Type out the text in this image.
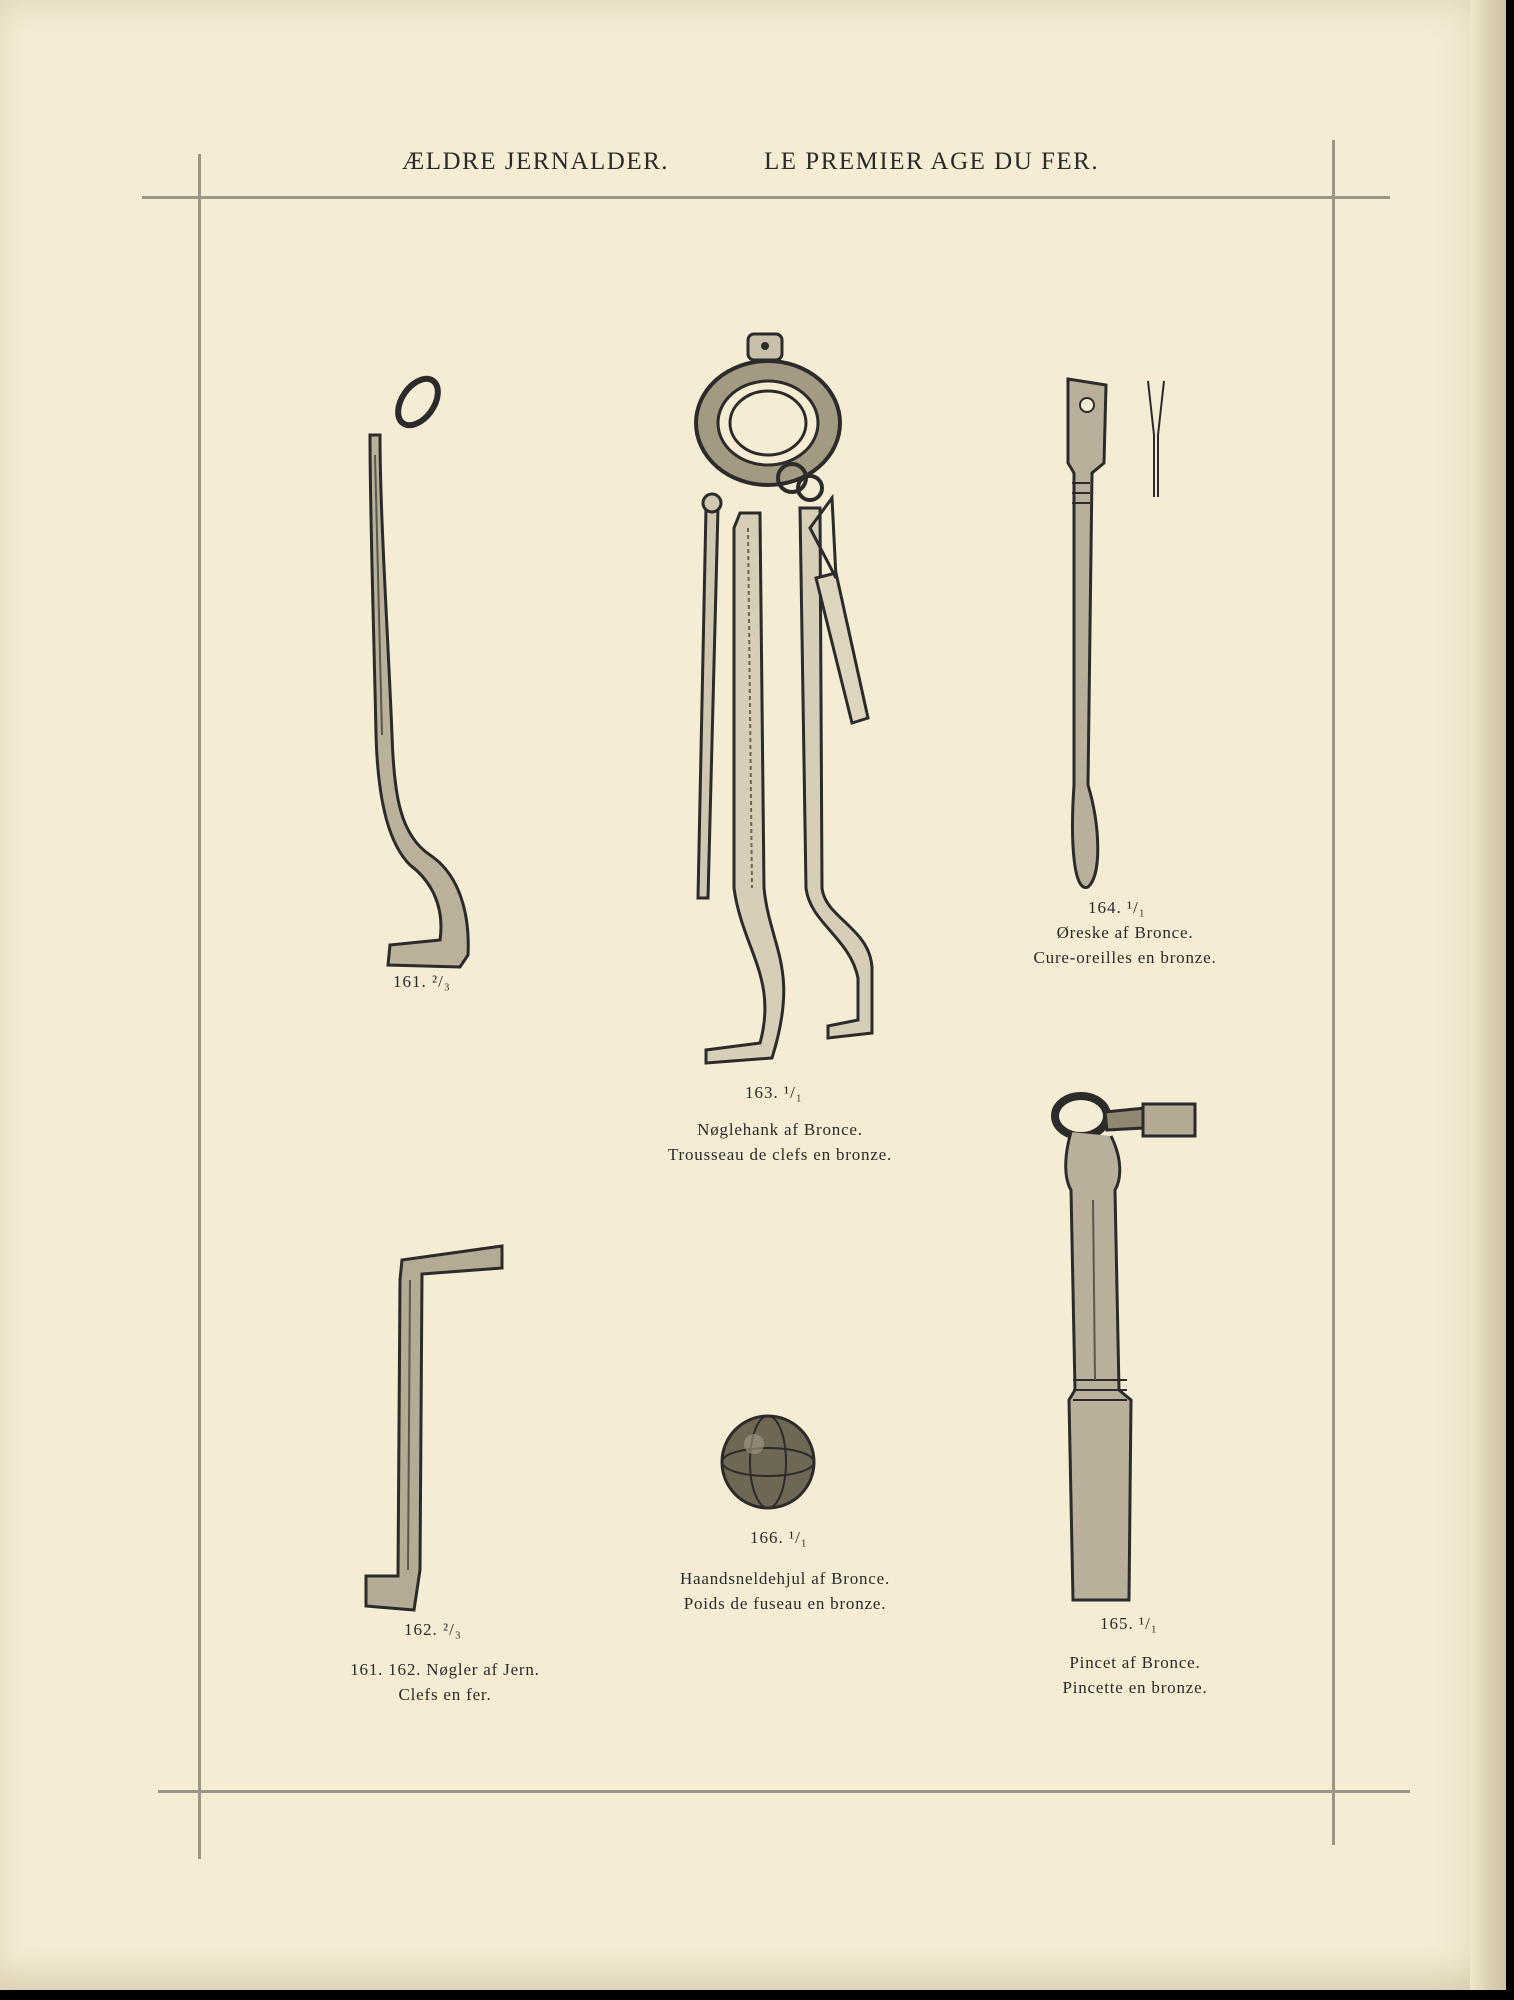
ÆLDRE JERNALDER.	LE PREMIER AGE DU FER.
161. ²/₃
162. ²/₃
161. 162. Nøgler af Jern.
Clefs en fer.
163. ¹/₁
Nøglehank af Bronce.
Trousseau de clefs en bronze.
164. ¹/₁
Øreske af Bronce.
Cure-oreilles en bronze.
165. ¹/₁
Pincet af Bronce.
Pincette en bronze.
166. ¹/₁
Haandsneldehjul af Bronce.
Poids de fuseau en bronze.
